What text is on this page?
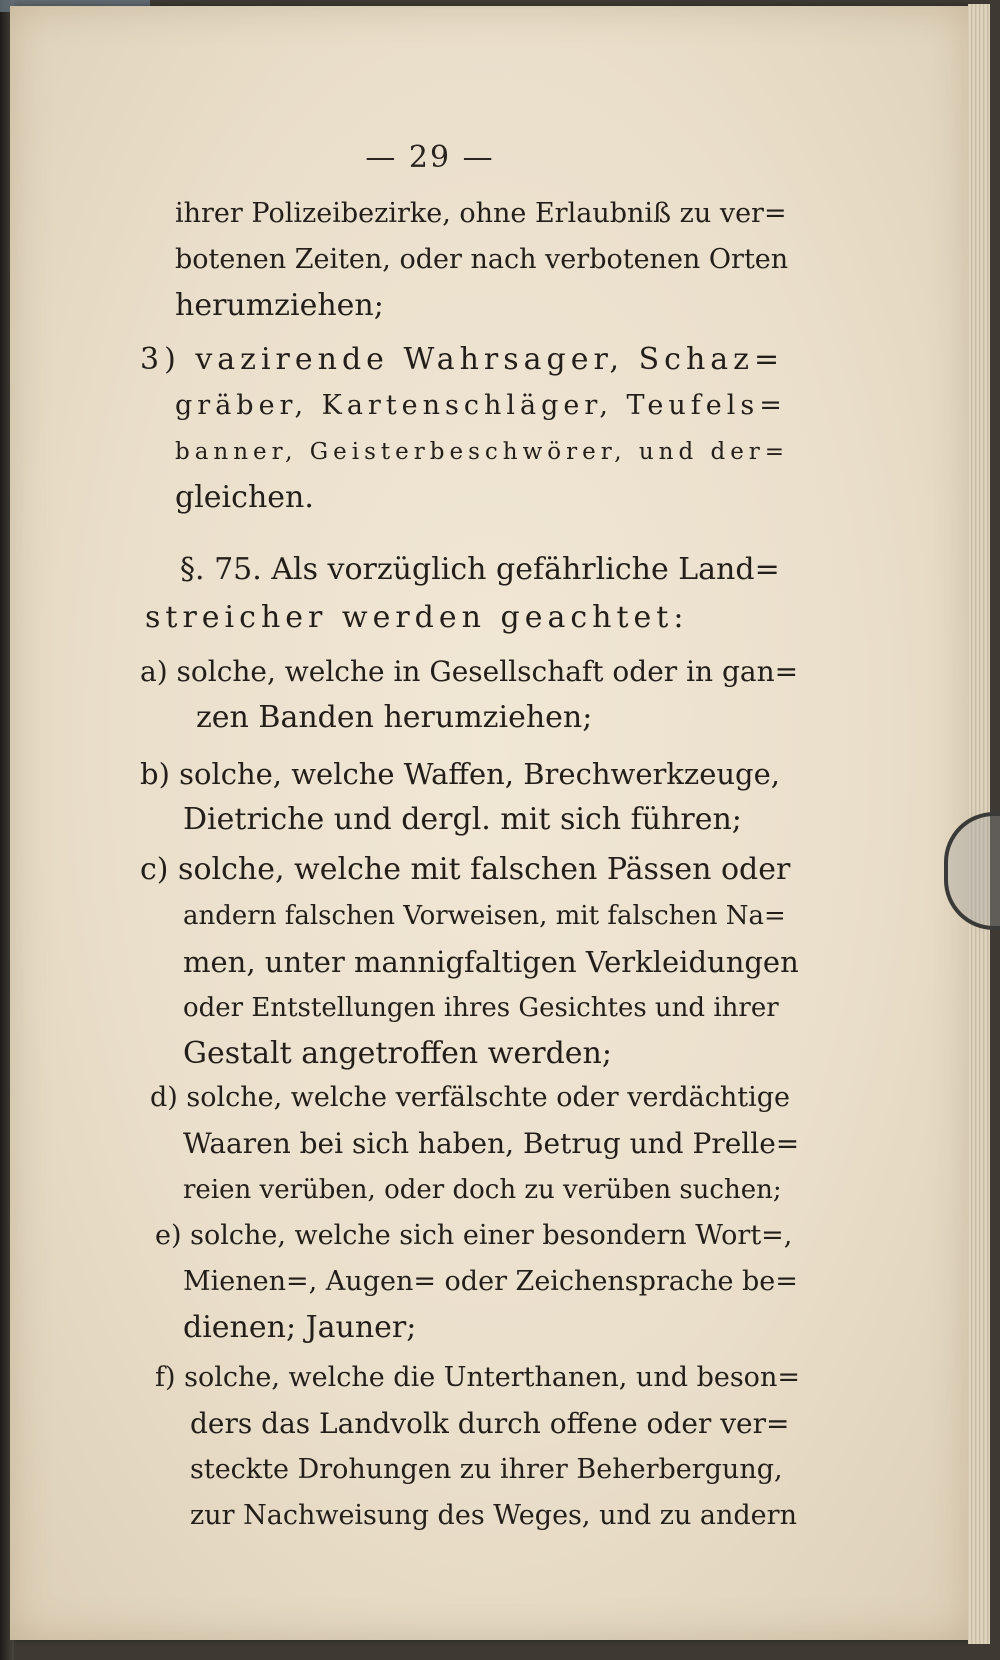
— 29 —
ihrer Polizeibezirke, ohne Erlaubniß zu ver=
botenen Zeiten, oder nach verbotenen Orten
herumziehen;
3) vazirende Wahrsager, Schaz=
gräber, Kartenschläger, Teufels=
banner, Geisterbeschwörer, und der=
gleichen.
§. 75. Als vorzüglich gefährliche Land=
streicher werden geachtet:
a) solche, welche in Gesellschaft oder in gan=
zen Banden herumziehen;
b) solche, welche Waffen, Brechwerkzeuge,
Dietriche und dergl. mit sich führen;
c) solche, welche mit falschen Pässen oder
andern falschen Vorweisen, mit falschen Na=
men, unter mannigfaltigen Verkleidungen
oder Entstellungen ihres Gesichtes und ihrer
Gestalt angetroffen werden;
d) solche, welche verfälschte oder verdächtige
Waaren bei sich haben, Betrug und Prelle=
reien verüben, oder doch zu verüben suchen;
e) solche, welche sich einer besondern Wort=,
Mienen=, Augen= oder Zeichensprache be=
dienen; Jauner;
f) solche, welche die Unterthanen, und beson=
ders das Landvolk durch offene oder ver=
steckte Drohungen zu ihrer Beherbergung,
zur Nachweisung des Weges, und zu andern
